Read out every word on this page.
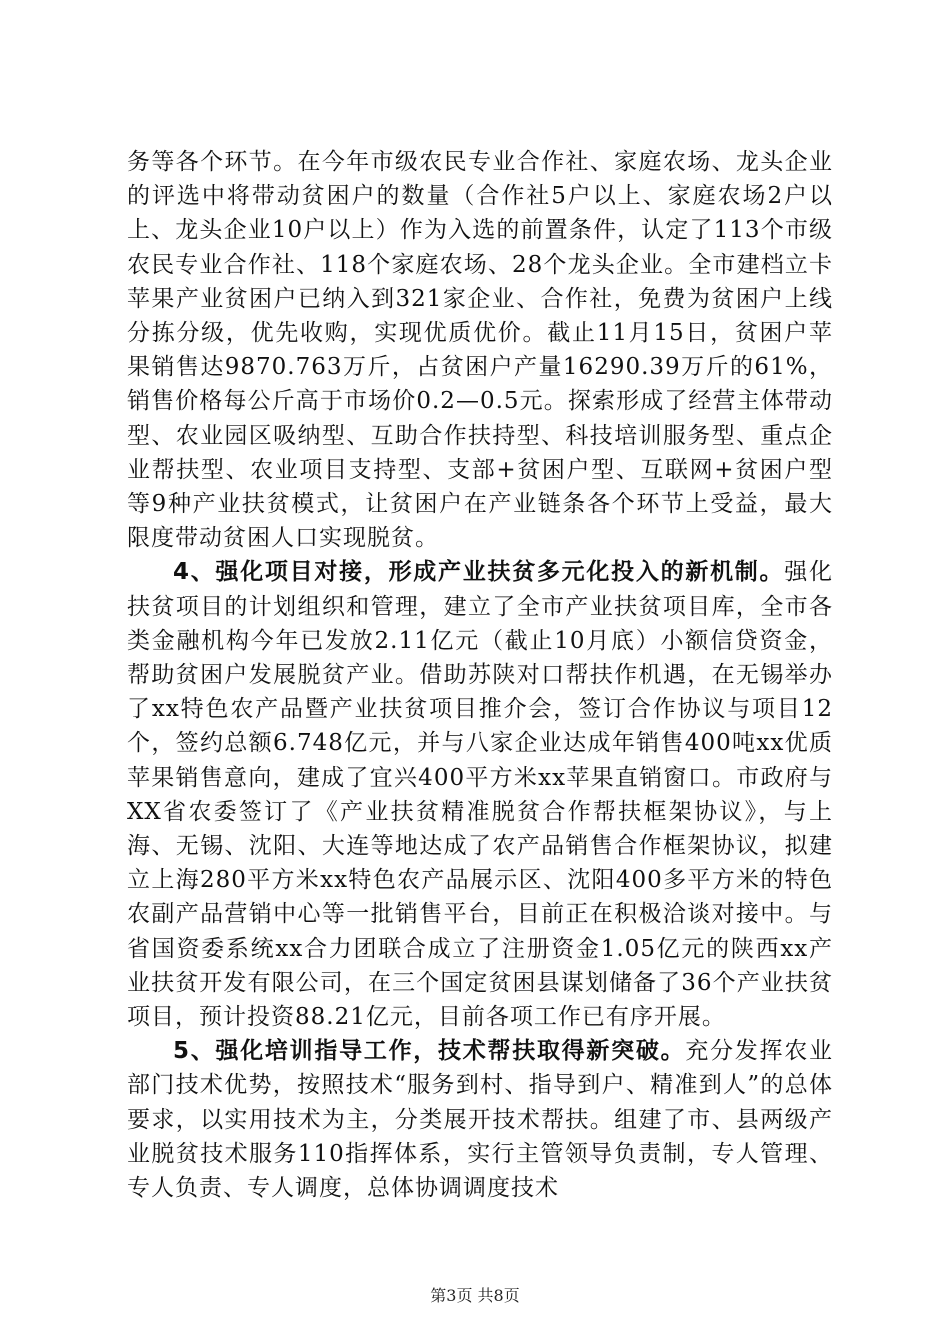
务等各个环节。在今年市级农民专业合作社、家庭农场、龙头企业的评选中将带动贫困户的数量（合作社5户以上、家庭农场2户以上、龙头企业10户以上）作为入选的前置条件，认定了113个市级农民专业合作社、118个家庭农场、28个龙头企业。全市建档立卡苹果产业贫困户已纳入到321家企业、合作社，免费为贫困户上线分拣分级，优先收购，实现优质优价。截止11月15日，贫困户苹果销售达9870.763万斤，占贫困户产量16290.39万斤的61%，销售价格每公斤高于市场价0.2—0.5元。探索形成了经营主体带动型、农业园区吸纳型、互助合作扶持型、科技培训服务型、重点企业帮扶型、农业项目支持型、支部+贫困户型、互联网+贫困户型等9种产业扶贫模式，让贫困户在产业链条各个环节上受益，最大限度带动贫困人口实现脱贫。

4、强化项目对接，形成产业扶贫多元化投入的新机制。强化扶贫项目的计划组织和管理，建立了全市产业扶贫项目库，全市各类金融机构今年已发放2.11亿元（截止10月底）小额信贷资金，帮助贫困户发展脱贫产业。借助苏陕对口帮扶作机遇，在无锡举办了xx特色农产品暨产业扶贫项目推介会，签订合作协议与项目12个，签约总额6.748亿元，并与八家企业达成年销售400吨xx优质苹果销售意向，建成了宜兴400平方米xx苹果直销窗口。市政府与XX省农委签订了《产业扶贫精准脱贫合作帮扶框架协议》，与上海、无锡、沈阳、大连等地达成了农产品销售合作框架协议，拟建立上海280平方米xx特色农产品展示区、沈阳400多平方米的特色农副产品营销中心等一批销售平台，目前正在积极洽谈对接中。与省国资委系统xx合力团联合成立了注册资金1.05亿元的陕西xx产业扶贫开发有限公司，在三个国定贫困县谋划储备了36个产业扶贫项目，预计投资88.21亿元，目前各项工作已有序开展。

5、强化培训指导工作，技术帮扶取得新突破。充分发挥农业部门技术优势，按照技术“服务到村、指导到户、精准到人”的总体要求，以实用技术为主，分类展开技术帮扶。组建了市、县两级产业脱贫技术服务110指挥体系，实行主管领导负责制，专人管理、专人负责、专人调度，总体协调调度技术

第3页 共8页
